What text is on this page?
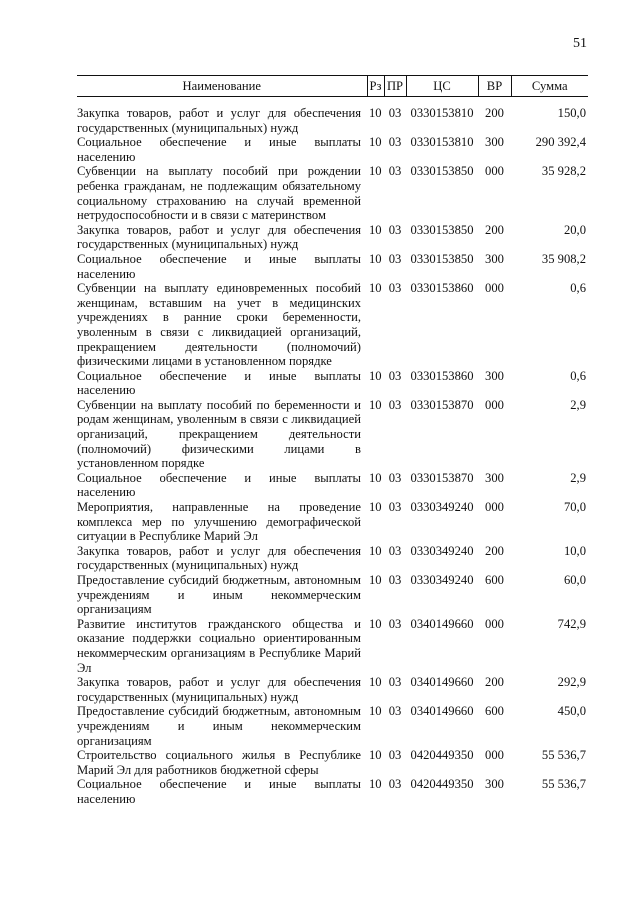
51
Наименование	Рз	ПР	ЦС	ВР	Сумма
Закупка товаров, работ и услуг для обеспечения государственных (муниципальных) нужд	10	03	0330153810	200	150,0
Социальное обеспечение и иные выплаты населению	10	03	0330153810	300	290 392,4
Субвенции на выплату пособий при рождении ребенка гражданам, не подлежащим обязательному социальному страхованию на случай временной нетрудоспособности и в связи с материнством	10	03	0330153850	000	35 928,2
Закупка товаров, работ и услуг для обеспечения государственных (муниципальных) нужд	10	03	0330153850	200	20,0
Социальное обеспечение и иные выплаты населению	10	03	0330153850	300	35 908,2
Субвенции на выплату единовременных пособий женщинам, вставшим на учет в медицинских учреждениях в ранние сроки беременности, уволенным в связи с ликвидацией организаций, прекращением деятельности (полномочий) физическими лицами в установленном порядке	10	03	0330153860	000	0,6
Социальное обеспечение и иные выплаты населению	10	03	0330153860	300	0,6
Субвенции на выплату пособий по беременности и родам женщинам, уволенным в связи с ликвидацией организаций, прекращением деятельности (полномочий) физическими лицами в установленном порядке	10	03	0330153870	000	2,9
Социальное обеспечение и иные выплаты населению	10	03	0330153870	300	2,9
Мероприятия, направленные на проведение комплекса мер по улучшению демографической ситуации в Республике Марий Эл	10	03	0330349240	000	70,0
Закупка товаров, работ и услуг для обеспечения государственных (муниципальных) нужд	10	03	0330349240	200	10,0
Предоставление субсидий бюджетным, автономным учреждениям и иным некоммерческим организациям	10	03	0330349240	600	60,0
Развитие институтов гражданского общества и оказание поддержки социально ориентированным некоммерческим организациям в Республике Марий Эл	10	03	0340149660	000	742,9
Закупка товаров, работ и услуг для обеспечения государственных (муниципальных) нужд	10	03	0340149660	200	292,9
Предоставление субсидий бюджетным, автономным учреждениям и иным некоммерческим организациям	10	03	0340149660	600	450,0
Строительство социального жилья в Республике Марий Эл для работников бюджетной сферы	10	03	0420449350	000	55 536,7
Социальное обеспечение и иные выплаты населению	10	03	0420449350	300	55 536,7
